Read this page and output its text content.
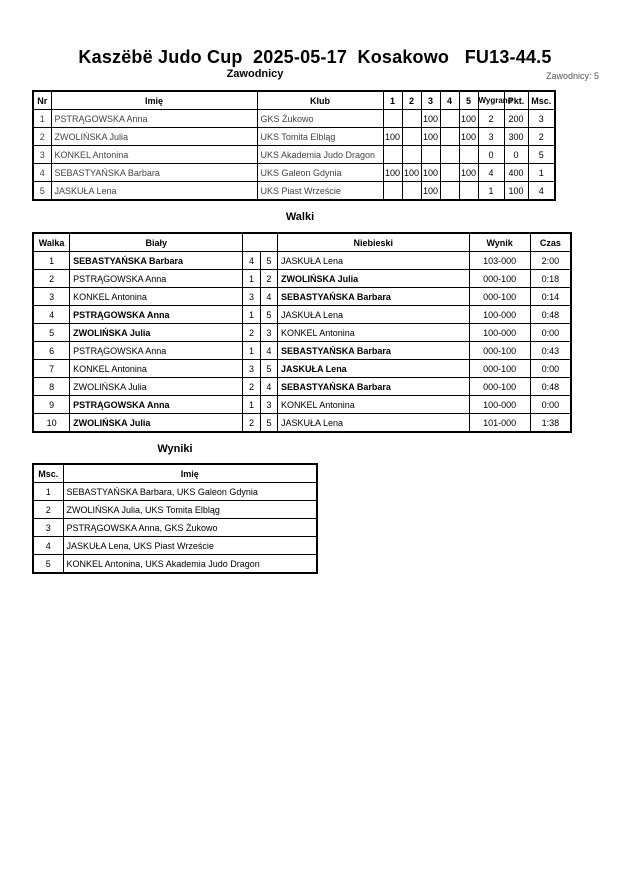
Kaszëbë Judo Cup  2025-05-17  Kosakowo   FU13-44.5
Zawodnicy	Zawodnicy: 5
Nr	Imię	Klub	1	2	3	4	5	Wygrane	Pkt.	Msc.
1	PSTRĄGOWSKA Anna	GKS Żukowo			100		100	2	200	3
2	ZWOLIŃSKA Julia	UKS Tomita Elbląg	100		100		100	3	300	2
3	KONKEL Antonina	UKS Akademia Judo Dragon						0	0	5
4	SEBASTYAŃSKA Barbara	UKS Galeon Gdynia	100	100	100		100	4	400	1
5	JASKUŁA Lena	UKS Piast Wrzeście			100			1	100	4
Walki
Walka	Biały			Niebieski	Wynik	Czas
1	SEBASTYAŃSKA Barbara	4	5	JASKUŁA Lena	103-000	2:00
2	PSTRĄGOWSKA Anna	1	2	ZWOLIŃSKA Julia	000-100	0:18
3	KONKEL Antonina	3	4	SEBASTYAŃSKA Barbara	000-100	0:14
4	PSTRĄGOWSKA Anna	1	5	JASKUŁA Lena	100-000	0:48
5	ZWOLIŃSKA Julia	2	3	KONKEL Antonina	100-000	0:00
6	PSTRĄGOWSKA Anna	1	4	SEBASTYAŃSKA Barbara	000-100	0:43
7	KONKEL Antonina	3	5	JASKUŁA Lena	000-100	0:00
8	ZWOLIŃSKA Julia	2	4	SEBASTYAŃSKA Barbara	000-100	0:48
9	PSTRĄGOWSKA Anna	1	3	KONKEL Antonina	100-000	0:00
10	ZWOLIŃSKA Julia	2	5	JASKUŁA Lena	101-000	1:38
Wyniki
Msc.	Imię
1	SEBASTYAŃSKA Barbara, UKS Galeon Gdynia
2	ZWOLIŃSKA Julia, UKS Tomita Elbląg
3	PSTRĄGOWSKA Anna, GKS Żukowo
4	JASKUŁA Lena, UKS Piast Wrzeście
5	KONKEL Antonina, UKS Akademia Judo Dragon
